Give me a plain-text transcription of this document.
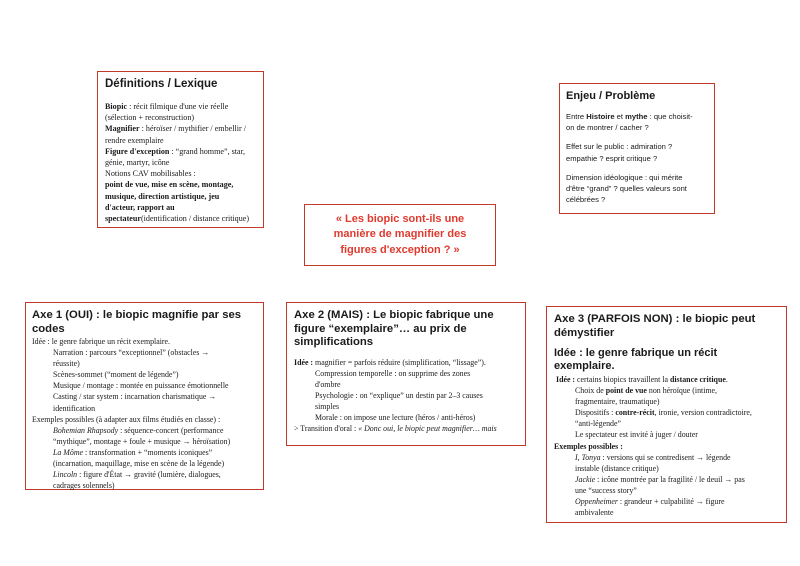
Définitions / Lexique
Biopic : récit filmique d'une vie réelle
(sélection + reconstruction)
Magnifier : héroïser / mythifier / embellir /
rendre exemplaire
Figure d'exception : “grand homme”, star,
génie, martyr, icône
Notions CAV mobilisables :
point de vue, mise en scène, montage,
musique, direction artistique, jeu
d'acteur, rapport au
spectateur(identification / distance critique)
Enjeu / Problème
Entre Histoire et mythe : que choisit-
on de montrer / cacher ?
Effet sur le public : admiration ?
empathie ? esprit critique ?
Dimension idéologique : qui mérite
d'être “grand” ? quelles valeurs sont
célébrées ?
« Les biopic sont-ils une manière de magnifier des figures d'exception ? »
Axe 1 (OUI) : le biopic magnifie par ses codes
Idée : le genre fabrique un récit exemplaire.
Narration : parcours “exceptionnel” (obstacles →
réussite)
Scènes-sommet (“moment de légende”)
Musique / montage : montée en puissance émotionnelle
Casting / star system : incarnation charismatique →
identification
Exemples possibles (à adapter aux films étudiés en classe) :
Bohemian Rhapsody : séquence-concert (performance
“mythique”, montage + foule + musique → héroïsation)
La Môme : transformation + “moments iconiques”
(incarnation, maquillage, mise en scène de la légende)
Lincoln : figure d'État → gravité (lumière, dialogues,
cadrages solennels)
Axe 2 (MAIS) : Le biopic fabrique une figure “exemplaire”… au prix de simplifications
Idée : magnifier = parfois réduire (simplification, “lissage”).
Compression temporelle : on supprime des zones
d'ombre
Psychologie : on “explique” un destin par 2–3 causes
simples
Morale : on impose une lecture (héros / anti-héros)
> Transition d'oral : « Donc oui, le biopic peut magnifier… mais
Axe 3 (PARFOIS NON) : le biopic peut démystifier
Idée : le genre fabrique un récit exemplaire.
Idée : certains biopics travaillent la distance critique.
Choix de point de vue non héroïque (intime,
fragmentaire, traumatique)
Dispositifs : contre-récit, ironie, version contradictoire,
“anti-légende”
Le spectateur est invité à juger / douter
Exemples possibles :
I, Tonya : versions qui se contredisent → légende
instable (distance critique)
Jackie : icône montrée par la fragilité / le deuil → pas
une “success story”
Oppenheimer : grandeur + culpabilité → figure
ambivalente
